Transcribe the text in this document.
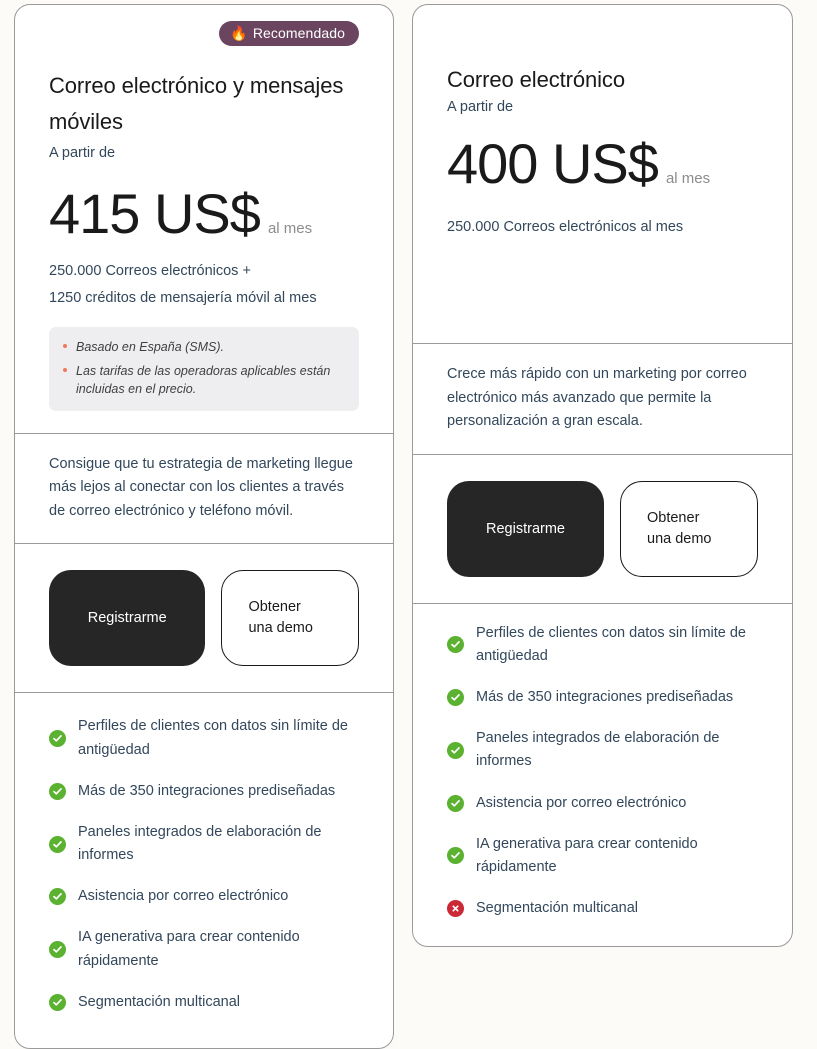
🔥 Recomendado
Correo electrónico y mensajes móviles
A partir de
415 US$ al mes
250.000 Correos electrónicos +
1250 créditos de mensajería móvil al mes
Basado en España (SMS).
Las tarifas de las operadoras aplicables están incluidas en el precio.

Consigue que tu estrategia de marketing llegue más lejos al conectar con los clientes a través de correo electrónico y teléfono móvil.

Registrarme
Obtener una demo
Perfiles de clientes con datos sin límite de antigüedad
Más de 350 integraciones prediseñadas
Paneles integrados de elaboración de informes
Asistencia por correo electrónico
IA generativa para crear contenido rápidamente
Segmentación multicanal
Correo electrónico
A partir de
400 US$ al mes
250.000 Correos electrónicos al mes

Crece más rápido con un marketing por correo electrónico más avanzado que permite la personalización a gran escala.

Registrarme
Obtener una demo
Perfiles de clientes con datos sin límite de antigüedad
Más de 350 integraciones prediseñadas
Paneles integrados de elaboración de informes
Asistencia por correo electrónico
IA generativa para crear contenido rápidamente
Segmentación multicanal
